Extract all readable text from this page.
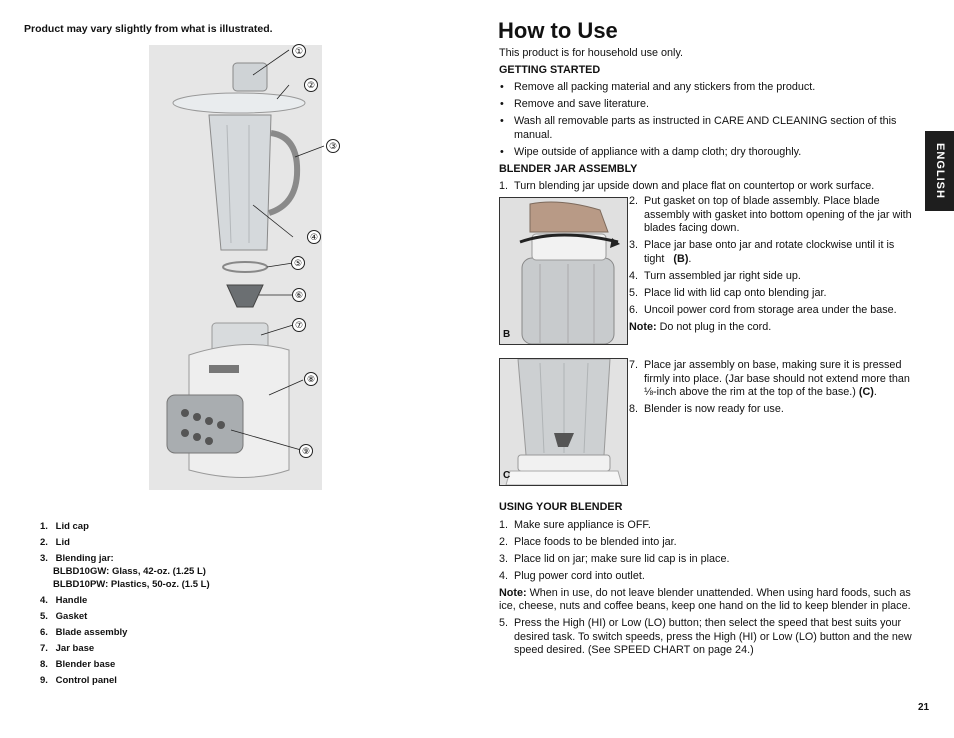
Product may vary slightly from what is illustrated.
①
②
③
④
⑤
⑥
⑦
⑧
⑨
1. Lid cap
2. Lid
3. Blending jar:
BLBD10GW: Glass, 42-oz. (1.25 L)
BLBD10PW: Plastics, 50-oz. (1.5 L)
4. Handle
5. Gasket
6. Blade assembly
7. Jar base
8. Blender base
9. Control panel
How to Use
This product is for household use only.
GETTING STARTED
• Remove all packing material and any stickers from the product.
• Remove and save literature.
• Wash all removable parts as instructed in CARE AND CLEANING section of this manual.
• Wipe outside of appliance with a damp cloth; dry thoroughly.
BLENDER JAR ASSEMBLY
1. Turn blending jar upside down and place flat on countertop or work surface.
B
2. Put gasket on top of blade assembly. Place blade assembly with gasket into bottom opening of the jar with blades facing down.
3. Place jar base onto jar and rotate clockwise until it is tight (B).
4. Turn assembled jar right side up.
5. Place lid with lid cap onto blending jar.
6. Uncoil power cord from storage area under the base.
Note: Do not plug in the cord.
C
7. Place jar assembly on base, making sure it is pressed firmly into place. (Jar base should not extend more than ⅛-inch above the rim at the top of the base.) (C).
8. Blender is now ready for use.
USING YOUR BLENDER
1. Make sure appliance is OFF.
2. Place foods to be blended into jar.
3. Place lid on jar; make sure lid cap is in place.
4. Plug power cord into outlet.
Note: When in use, do not leave blender unattended. When using hard foods, such as ice, cheese, nuts and coffee beans, keep one hand on the lid to keep blender in place.
5. Press the High (HI) or Low (LO) button; then select the speed that best suits your desired task. To switch speeds, press the High (HI) or Low (LO) button and the new speed desired. (See SPEED CHART on page 24.)
ENGLISH
21
